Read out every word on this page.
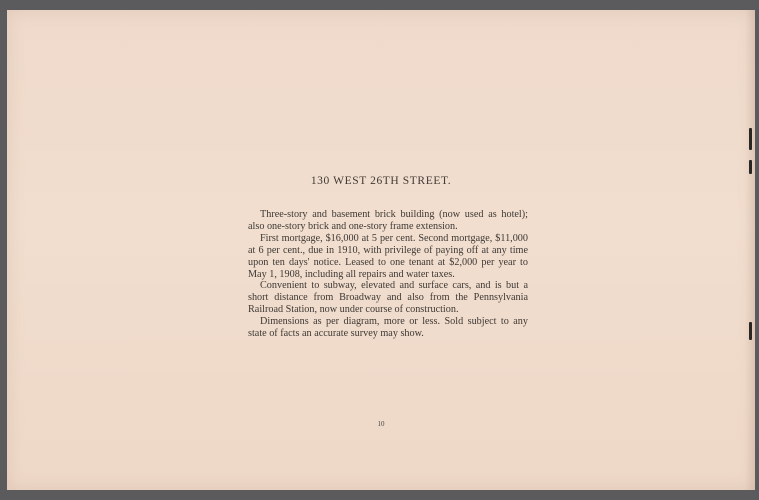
130 WEST 26TH STREET.

Three-story and basement brick building (now used as hotel); also one-story brick and one-story frame extension.

First mortgage, $16,000 at 5 per cent. Second mortgage, $11,000 at 6 per cent., due in 1910, with privilege of paying off at any time upon ten days' notice. Leased to one tenant at $2,000 per year to May 1, 1908, including all repairs and water taxes.

Convenient to subway, elevated and surface cars, and is but a short distance from Broadway and also from the Pennsylvania Railroad Station, now under course of construction.

Dimensions as per diagram, more or less. Sold subject to any state of facts an accurate survey may show.

10
